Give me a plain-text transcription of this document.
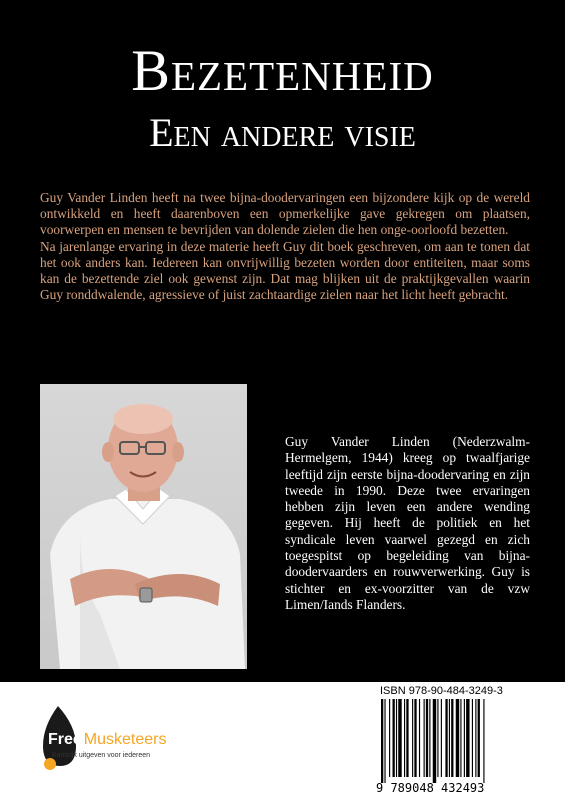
Bezetenheid
Een andere visie

Guy Vander Linden heeft na twee bijna-doodervaringen een bijzondere kijk op de wereld ontwikkeld en heeft daarenboven een opmerkelijke gave gekregen om plaatsen, voorwerpen en mensen te bevrijden van dolende zielen die hen onge-oorloofd bezetten.

Na jarenlange ervaring in deze materie heeft Guy dit boek geschreven, om aan te tonen dat het ook anders kan. Iedereen kan onvrijwillig bezeten worden door entiteiten, maar soms kan de bezettende ziel ook gewenst zijn. Dat mag blijken uit de praktijkgevallen waarin Guy ronddwalende, agressieve of juist zachtaardige zielen naar het licht heeft gebracht.

Guy Vander Linden (Nederzwalm-Hermelgem, 1944) kreeg op twaalfjarige leeftijd zijn eerste bijna-doodervaring en zijn tweede in 1990. Deze twee ervaringen hebben zijn leven een andere wending gegeven. Hij heeft de politiek en het syndicale leven vaarwel gezegd en zich toegespitst op begeleiding van bijna-doodervaarders en rouwverwerking. Guy is stichter en ex-voorzitter van de vzw Limen/Iands Flanders.

Free Musketeers
Kansrijk uitgeven voor iedereen
ISBN 978-90-484-3249-3
9 789048 432493
